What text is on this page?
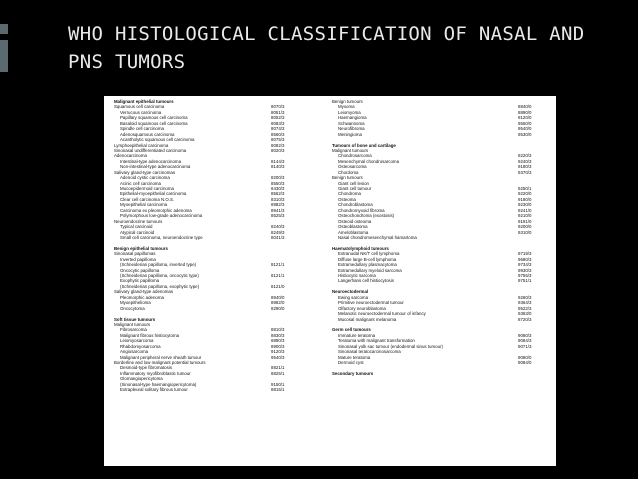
WHO HISTOLOGICAL CLASSIFICATION OF NASAL AND PNS TUMORS
Malignant epithelial tumours
Squamous cell carcinoma	8070/3
Verrucous carcinoma	8051/3
Papillary squamous cell carcinoma	8052/3
Basaloid squamous cell carcinoma	8083/3
Spindle cell carcinoma	8074/3
Adenosquamous carcinoma	8560/3
Acantholytic squamous cell carcinoma	8075/3
Lymphoepithelial carcinoma	8082/3
Sinonasal undifferentiated carcinoma	8020/3
Adenocarcinoma
Intestinal-type adenocarcinoma	8144/3
Non-intestinal-type adenocarcinoma	8140/3
Salivary gland-type carcinomas
Adenoid cystic carcinoma	8200/3
Acinic cell carcinoma	8550/3
Mucoepidermoid carcinoma	8430/3
Epithelial-myoepithelial carcinoma	8562/3
Clear cell carcinoma N.O.S.	8310/3
Myoepithelial carcinoma	8982/3
Carcinoma ex pleomorphic adenoma	8941/3
Polymorphous low-grade adenocarcinoma	8525/3
Neuroendocrine tumours
Typical carcinoid	8240/3
Atypical carcinoid	8249/3
Small cell carcinoma, neuroendocrine type	8041/3
Benign epithelial tumours
Sinonasal papillomas
Inverted papilloma
(Schneiderian papilloma, inverted type)	8121/1
Oncocytic papilloma
(Schneiderian papilloma, oncocytic type)	8121/1
Exophytic papilloma
(Schneiderian papilloma, exophytic type)	8121/0
Salivary gland-type adenomas
Pleomorphic adenoma	8940/0
Myoepithelioma	8982/0
Oncocytoma	8290/0
Soft tissue tumours
Malignant tumours
Fibrosarcoma	8810/3
Malignant fibrous histiocytoma	8830/3
Leiomyosarcoma	8890/3
Rhabdomyosarcoma	8900/3
Angiosarcoma	9120/3
Malignant peripheral nerve sheath tumour	9540/3
Borderline and low malignant potential tumours
Desmoid-type fibromatosis	8821/1
Inflammatory myofibroblastic tumour	8825/1
Glomangiopericytoma
(Sinonasal-type haemangiopericytoma)	9150/1
Extrapleural solitary fibrous tumour	8815/1
Benign tumours
Myxoma	8840/0
Leiomyoma	8890/0
Haemangioma	9120/0
Schwannoma	9560/0
Neurofibroma	9540/0
Meningioma	9530/0
Tumours of bone and cartilage
Malignant tumours
Chondrosarcoma	9220/3
Mesenchymal chondrosarcoma	9240/3
Osteosarcoma	9180/3
Chordoma	9370/3
Benign tumours
Giant cell lesion
Giant cell tumour	9250/1
Chondroma	9220/0
Osteoma	9180/0
Chondroblastoma	9230/0
Chondromyxoid fibroma	9241/0
Osteochondroma (exostosis)	9210/0
Osteoid osteoma	9191/0
Osteoblastoma	9200/0
Ameloblastoma	9310/0
Nasal chondromesenchymal hamartoma
Haematolymphoid tumours
Extranodal NK/T cell lymphoma	9719/3
Diffuse large B-cell lymphoma	9680/3
Extramedullary plasmacytoma	9734/3
Extramedullary myeloid sarcoma	9930/3
Histiocytic sarcoma	9755/3
Langerhans cell histiocytosis	9751/1
Neuroectodermal
Ewing sarcoma	9260/3
Primitive neuroectodermal tumour	9364/3
Olfactory neuroblastoma	9522/3
Melanotic neuroectodermal tumour of infancy	9363/0
Mucosal malignant melanoma	8720/3
Germ cell tumours
Immature teratoma	9080/3
Teratoma with malignant transformation	9084/3
Sinonasal yolk sac tumour (endodermal sinus tumour)	9071/3
Sinonasal teratocarcinosarcoma
Mature teratoma	9080/0
Dermoid cyst	9084/0
Secondary tumours
